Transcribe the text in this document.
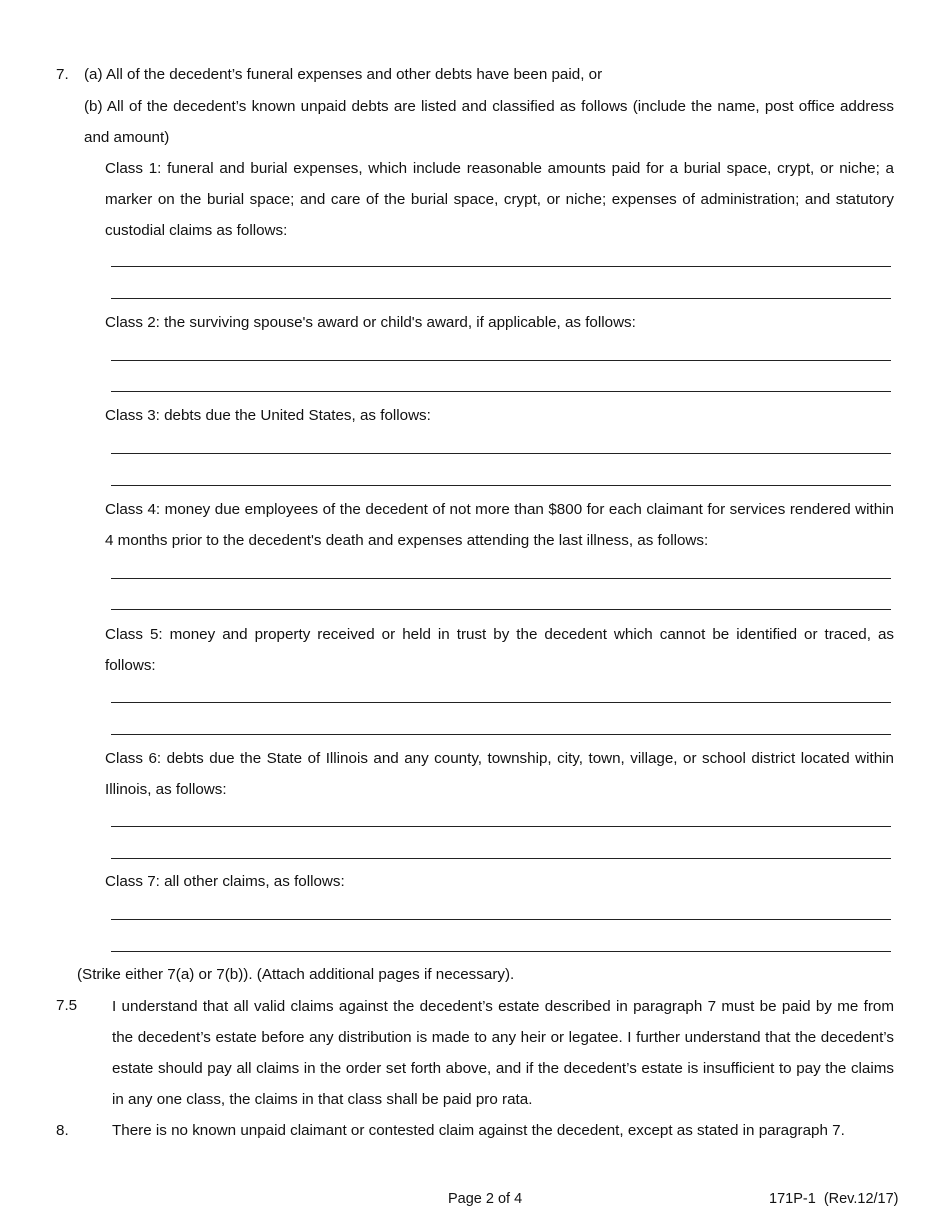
7. (a) All of the decedent’s funeral expenses and other debts have been paid, or
(b) All of the decedent’s known unpaid debts are listed and classified as follows (include the name, post office address and amount)
Class 1: funeral and burial expenses, which include reasonable amounts paid for a burial space, crypt, or niche; a marker on the burial space; and care of the burial space, crypt, or niche; expenses of administration; and statutory custodial claims as follows:
Class 2: the surviving spouse's award or child's award, if applicable, as follows:
Class 3: debts due the United States, as follows:
Class 4: money due employees of the decedent of not more than $800 for each claimant for services rendered within 4 months prior to the decedent's death and expenses attending the last illness, as follows:
Class 5: money and property received or held in trust by the decedent which cannot be identified or traced, as follows:
Class 6: debts due the State of Illinois and any county, township, city, town, village, or school district located within Illinois, as follows:
Class 7: all other claims, as follows:
(Strike either 7(a) or 7(b)). (Attach additional pages if necessary).
7.5 I understand that all valid claims against the decedent’s estate described in paragraph 7 must be paid by me from the decedent’s estate before any distribution is made to any heir or legatee. I further understand that the decedent’s estate should pay all claims in the order set forth above, and if the decedent’s estate is insufficient to pay the claims in any one class, the claims in that class shall be paid pro rata.
8.	There is no known unpaid claimant or contested claim against the decedent, except as stated in paragraph 7.
Page 2 of 4	171P-1  (Rev.12/17)
